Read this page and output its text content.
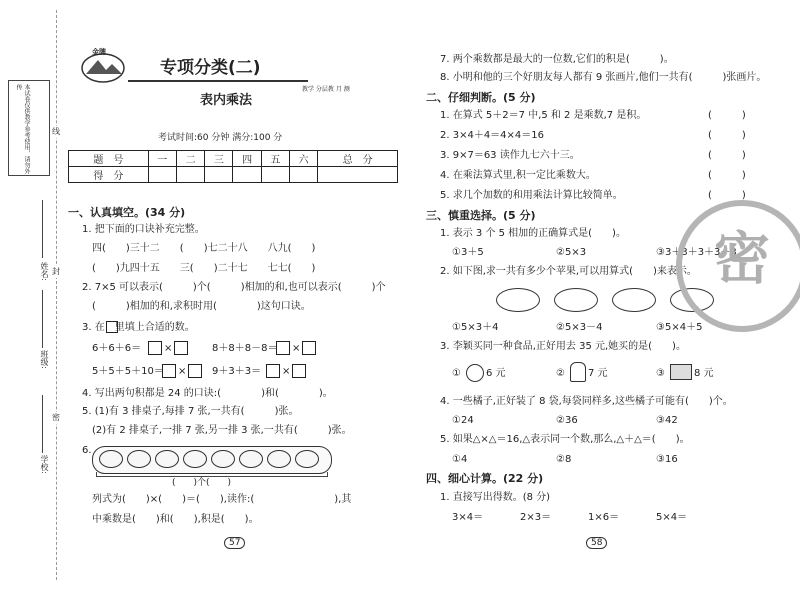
本试卷仅供教学参考使用，请勿外传
姓名:
班级:
学校:
线
封
密
金牌
专项分类(二)
教学 分层教 月 测
表内乘法
考试时间:60 分钟 满分:100 分
题　号	一	二	三	四	五	六	总　分
得　分							
一、认真填空。(34 分)
1. 把下面的口诀补充完整。
四(　　)三十二　　(　　)七二十八　　八九(　　)
(　　)九四十五　　三(　　)二十七　　七七(　　)
2. 7×5 可以表示(　　　)个(　　　)相加的和,也可以表示(　　　)个
(　　　)相加的和,求积时用(　　　　)这句口诀。
3. 在　里填上合适的数。
6＋6＋6＝ ×	8＋8＋8－8＝ ×
5＋5＋5＋10＝ ×	9＋3＋3＝ ×
4. 写出两句积都是 24 的口诀:(　　　　)和(　　　　)。
5. (1)有 3 排桌子,每排 7 张,一共有(　　　)张。
(2)有 2 排桌子,一排 7 张,另一排 3 张,一共有(　　　)张。
6.
(　　)个(　　)
列式为(　　)×(　　)＝(　　),读作:(　　　　　　　　),其
中乘数是(　　)和(　　),积是(　　)。
57
7. 两个乘数都是最大的一位数,它们的积是(　　　)。
8. 小明和他的三个好朋友每人都有 9 张画片,他们一共有(　　　)张画片。
二、仔细判断。(5 分)
1. 在算式 5＋2＝7 中,5 和 2 是乘数,7 是积。	(　　　)
2. 3×4＋4＝4×4＝16	(　　　)
3. 9×7＝63 读作九七六十三。	(　　　)
4. 在乘法算式里,积一定比乘数大。	(　　　)
5. 求几个加数的和用乘法计算比较简单。	(　　　)
三、慎重选择。(5 分)
1. 表示 3 个 5 相加的正确算式是(　　)。
①3＋5	②5×3	③3＋3＋3＋3＋3
2. 如下图,求一共有多少个苹果,可以用算式(　　)来表示。
①5×3＋4	②5×3－4	③5×4＋5
3. 李颖买同一种食品,正好用去 35 元,她买的是(　　)。
①	6 元	② 7 元	③	8 元
4. 一些橘子,正好装了 8 袋,每袋同样多,这些橘子可能有(　　)个。
①24	②36	③42
5. 如果△×△＝16,△表示同一个数,那么,△＋△＝(　　)。
①4	②8	③16
四、细心计算。(22 分)
1. 直接写出得数。(8 分)
3×4＝	2×3＝	1×6＝	5×4＝
58
密
